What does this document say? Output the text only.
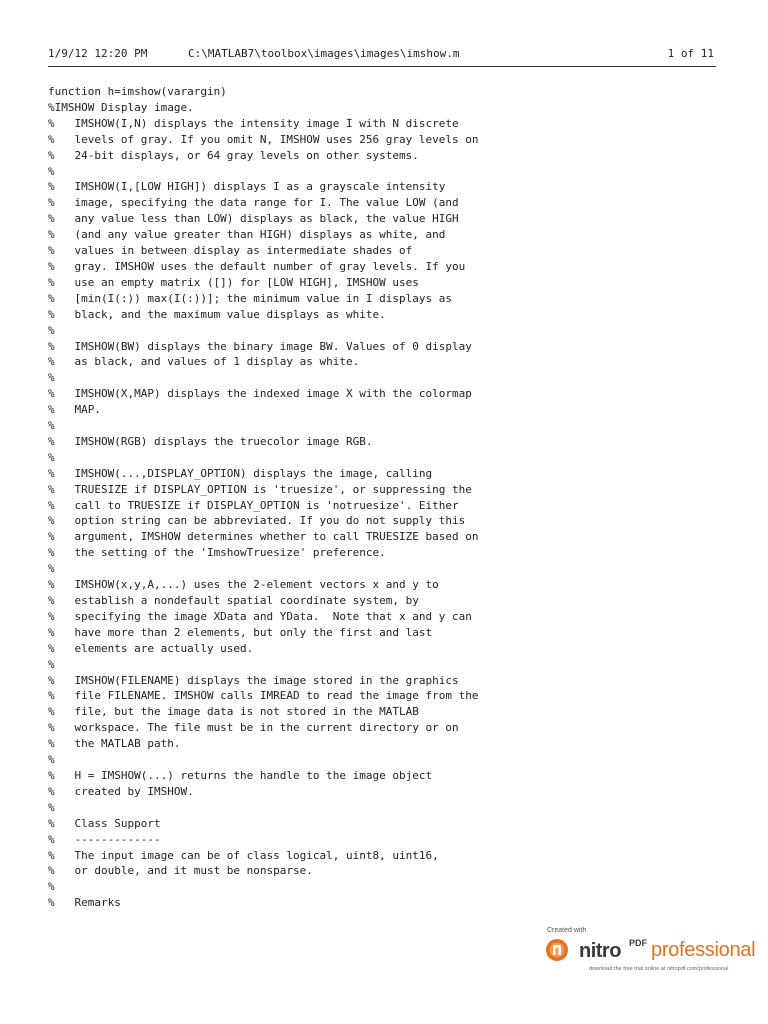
1/9/12 12:20 PM	C:\MATLAB7\toolbox\images\images\imshow.m	1 of 11
function h=imshow(varargin)
%IMSHOW Display image.
%   IMSHOW(I,N) displays the intensity image I with N discrete
%   levels of gray. If you omit N, IMSHOW uses 256 gray levels on
%   24-bit displays, or 64 gray levels on other systems.
%
%   IMSHOW(I,[LOW HIGH]) displays I as a grayscale intensity
%   image, specifying the data range for I. The value LOW (and
%   any value less than LOW) displays as black, the value HIGH
%   (and any value greater than HIGH) displays as white, and
%   values in between display as intermediate shades of
%   gray. IMSHOW uses the default number of gray levels. If you
%   use an empty matrix ([]) for [LOW HIGH], IMSHOW uses
%   [min(I(:)) max(I(:))]; the minimum value in I displays as
%   black, and the maximum value displays as white.
%
%   IMSHOW(BW) displays the binary image BW. Values of 0 display
%   as black, and values of 1 display as white.
%
%   IMSHOW(X,MAP) displays the indexed image X with the colormap
%   MAP.
%
%   IMSHOW(RGB) displays the truecolor image RGB.
%
%   IMSHOW(...,DISPLAY_OPTION) displays the image, calling
%   TRUESIZE if DISPLAY_OPTION is 'truesize', or suppressing the
%   call to TRUESIZE if DISPLAY_OPTION is 'notruesize'. Either
%   option string can be abbreviated. If you do not supply this
%   argument, IMSHOW determines whether to call TRUESIZE based on
%   the setting of the 'ImshowTruesize' preference.
%
%   IMSHOW(x,y,A,...) uses the 2-element vectors x and y to
%   establish a nondefault spatial coordinate system, by
%   specifying the image XData and YData.  Note that x and y can
%   have more than 2 elements, but only the first and last
%   elements are actually used.
%
%   IMSHOW(FILENAME) displays the image stored in the graphics
%   file FILENAME. IMSHOW calls IMREAD to read the image from the
%   file, but the image data is not stored in the MATLAB
%   workspace. The file must be in the current directory or on
%   the MATLAB path.
%
%   H = IMSHOW(...) returns the handle to the image object
%   created by IMSHOW.
%
%   Class Support
%   -------------
%   The input image can be of class logical, uint8, uint16,
%   or double, and it must be nonsparse.
%
%   Remarks
Created with
nitro PDF professional
download the free trial online at nitropdf.com/professional
